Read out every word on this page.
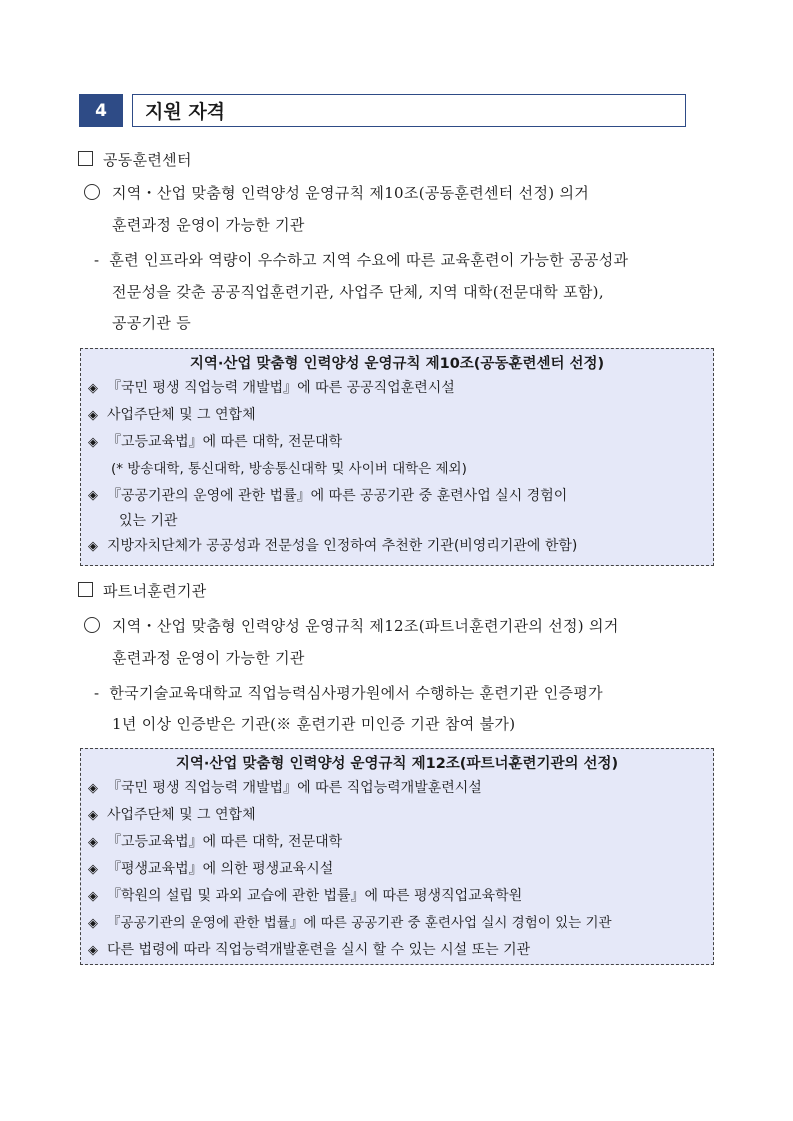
4	지원 자격
공동훈련센터
지역・산업 맞춤형 인력양성 운영규칙 제10조(공동훈련센터 선정) 의거
훈련과정 운영이 가능한 기관
- 훈련 인프라와 역량이 우수하고 지역 수요에 따른 교육훈련이 가능한 공공성과
전문성을 갖춘 공공직업훈련기관, 사업주 단체, 지역 대학(전문대학 포함),
공공기관 등
지역·산업 맞춤형 인력양성 운영규칙 제10조(공동훈련센터 선정)
◈ 『국민 평생 직업능력 개발법』에 따른 공공직업훈련시설
◈ 사업주단체 및 그 연합체
◈ 『고등교육법』에 따른 대학, 전문대학
(* 방송대학, 통신대학, 방송통신대학 및 사이버 대학은 제외)
◈ 『공공기관의 운영에 관한 법률』에 따른 공공기관 중 훈련사업 실시 경험이
있는 기관
◈ 지방자치단체가 공공성과 전문성을 인정하여 추천한 기관(비영리기관에 한함)
파트너훈련기관
지역・산업 맞춤형 인력양성 운영규칙 제12조(파트너훈련기관의 선정) 의거
훈련과정 운영이 가능한 기관
- 한국기술교육대학교 직업능력심사평가원에서 수행하는 훈련기관 인증평가
1년 이상 인증받은 기관(※ 훈련기관 미인증 기관 참여 불가)
지역·산업 맞춤형 인력양성 운영규칙 제12조(파트너훈련기관의 선정)
◈ 『국민 평생 직업능력 개발법』에 따른 직업능력개발훈련시설
◈ 사업주단체 및 그 연합체
◈ 『고등교육법』에 따른 대학, 전문대학
◈ 『평생교육법』에 의한 평생교육시설
◈ 『학원의 설립 및 과외 교습에 관한 법률』에 따른 평생직업교육학원
◈ 『공공기관의 운영에 관한 법률』에 따른 공공기관 중 훈련사업 실시 경험이 있는 기관
◈ 다른 법령에 따라 직업능력개발훈련을 실시 할 수 있는 시설 또는 기관
